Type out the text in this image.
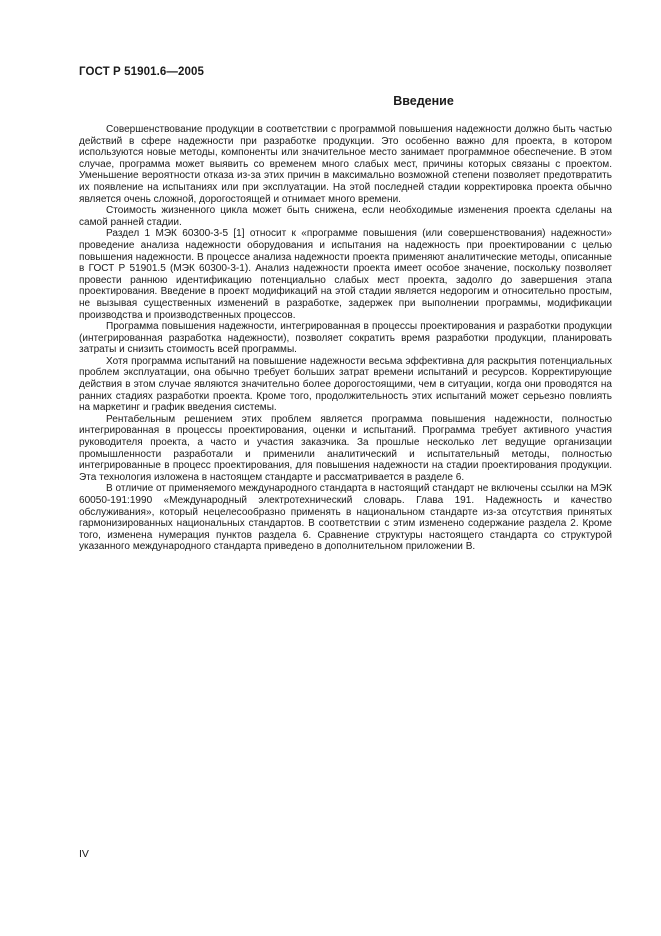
ГОСТ Р 51901.6—2005
Введение

Совершенствование продукции в соответствии с программой повышения надежности должно быть частью действий в сфере надежности при разработке продукции. Это особенно важно для проекта, в котором используются новые методы, компоненты или значительное место занимает программное обеспечение. В этом случае, программа может выявить со временем много слабых мест, причины которых связаны с проектом. Уменьшение вероятности отказа из-за этих причин в максимально возможной степени позволяет предотвратить их появление на испытаниях или при эксплуатации. На этой последней стадии корректировка проекта обычно является очень сложной, дорогостоящей и отнимает много времени.

Стоимость жизненного цикла может быть снижена, если необходимые изменения проекта сделаны на самой ранней стадии.

Раздел 1 МЭК 60300-3-5 [1] относит к «программе повышения (или совершенствования) надежности» проведение анализа надежности оборудования и испытания на надежность при проектировании с целью повышения надежности. В процессе анализа надежности проекта применяют аналитические методы, описанные в ГОСТ Р 51901.5 (МЭК 60300-3-1). Анализ надежности проекта имеет особое значение, поскольку позволяет провести раннюю идентификацию потенциально слабых мест проекта, задолго до завершения этапа проектирования. Введение в проект модификаций на этой стадии является недорогим и относительно простым, не вызывая существенных изменений в разработке, задержек при выполнении программы, модификации производства и производственных процессов.

Программа повышения надежности, интегрированная в процессы проектирования и разработки продукции (интегрированная разработка надежности), позволяет сократить время разработки продукции, планировать затраты и снизить стоимость всей программы.

Хотя программа испытаний на повышение надежности весьма эффективна для раскрытия потенциальных проблем эксплуатации, она обычно требует больших затрат времени испытаний и ресурсов. Корректирующие действия в этом случае являются значительно более дорогостоящими, чем в ситуации, когда они проводятся на ранних стадиях разработки проекта. Кроме того, продолжительность этих испытаний может серьезно повлиять на маркетинг и график введения системы.

Рентабельным решением этих проблем является программа повышения надежности, полностью интегрированная в процессы проектирования, оценки и испытаний. Программа требует активного участия руководителя проекта, а часто и участия заказчика. За прошлые несколько лет ведущие организации промышленности разработали и применили аналитический и испытательный методы, полностью интегрированные в процесс проектирования, для повышения надежности на стадии проектирования продукции. Эта технология изложена в настоящем стандарте и рассматривается в разделе 6.

В отличие от применяемого международного стандарта в настоящий стандарт не включены ссылки на МЭК 60050-191:1990 «Международный электротехнический словарь. Глава 191. Надежность и качество обслуживания», который нецелесообразно применять в национальном стандарте из-за отсутствия принятых гармонизированных национальных стандартов. В соответствии с этим изменено содержание раздела 2. Кроме того, изменена нумерация пунктов раздела 6. Сравнение структуры настоящего стандарта со структурой указанного международного стандарта приведено в дополнительном приложении В.

IV
